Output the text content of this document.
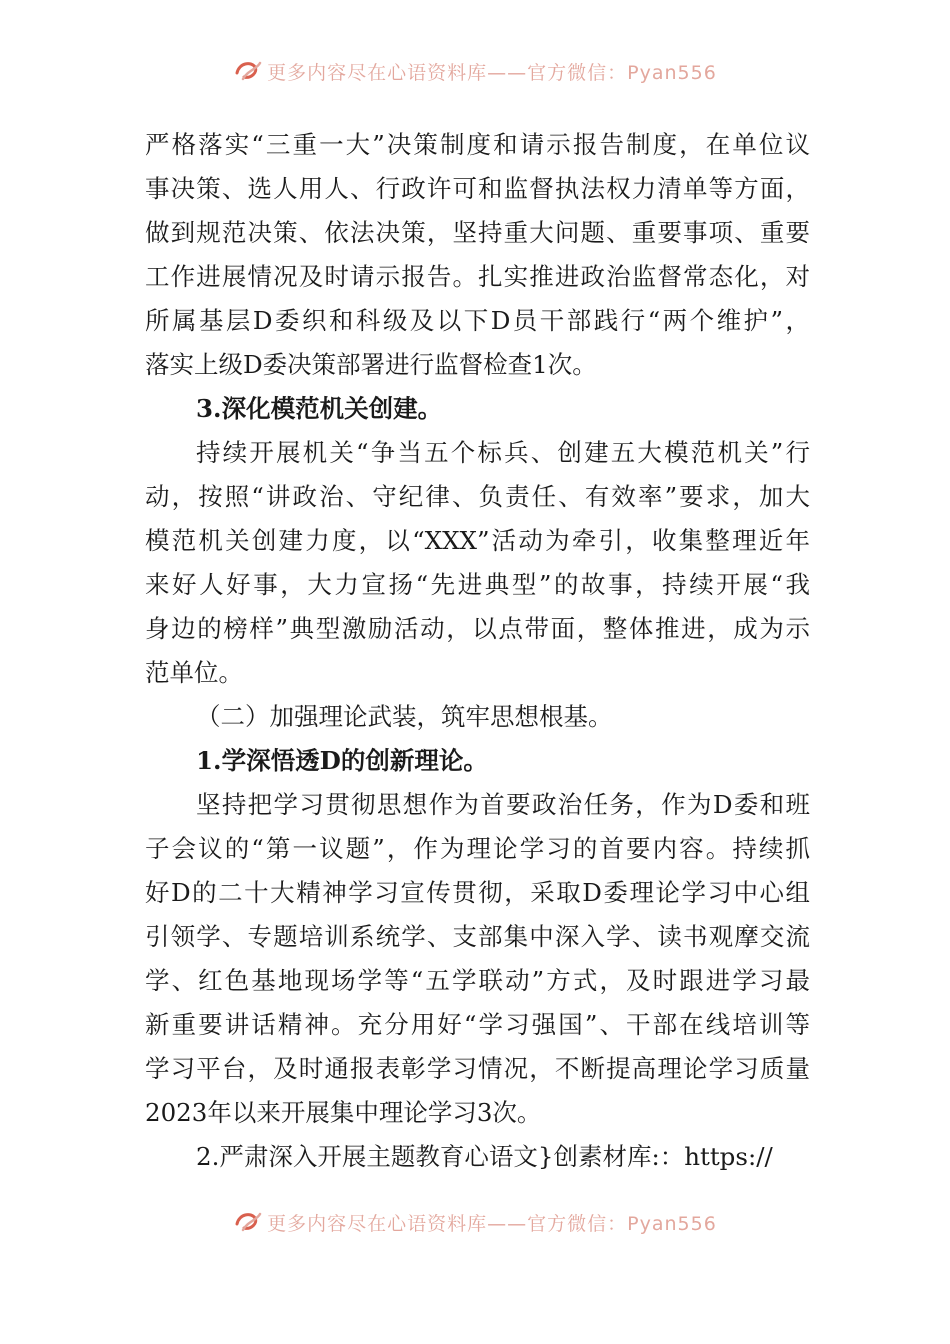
更多内容尽在心语资料库——官方微信：Pyan556
严格落实“三重一大”决策制度和请示报告制度，在单位议
事决策、选人用人、行政许可和监督执法权力清单等方面，
做到规范决策、依法决策，坚持重大问题、重要事项、重要
工作进展情况及时请示报告。扎实推进政治监督常态化，对
所属基层D委织和科级及以下D员干部践行“两个维护”，
落实上级D委决策部署进行监督检查1次。
3.深化模范机关创建。
持续开展机关“争当五个标兵、创建五大模范机关”行
动，按照“讲政治、守纪律、负责任、有效率”要求，加大
模范机关创建力度，以“XXX”活动为牵引，收集整理近年
来好人好事，大力宣扬“先进典型”的故事，持续开展“我
身边的榜样”典型激励活动，以点带面，整体推进，成为示
范单位。
（二）加强理论武装，筑牢思想根基。
1.学深悟透D的创新理论。
坚持把学习贯彻思想作为首要政治任务，作为D委和班
子会议的“第一议题”，作为理论学习的首要内容。持续抓
好D的二十大精神学习宣传贯彻，采取D委理论学习中心组
引领学、专题培训系统学、支部集中深入学、读书观摩交流
学、红色基地现场学等“五学联动”方式，及时跟进学习最
新重要讲话精神。充分用好“学习强国”、干部在线培训等
学习平台，及时通报表彰学习情况，不断提高理论学习质量
2023年以来开展集中理论学习3次。
2.严肃深入开展主题教育心语文}创素材库:：https://
更多内容尽在心语资料库——官方微信：Pyan556
